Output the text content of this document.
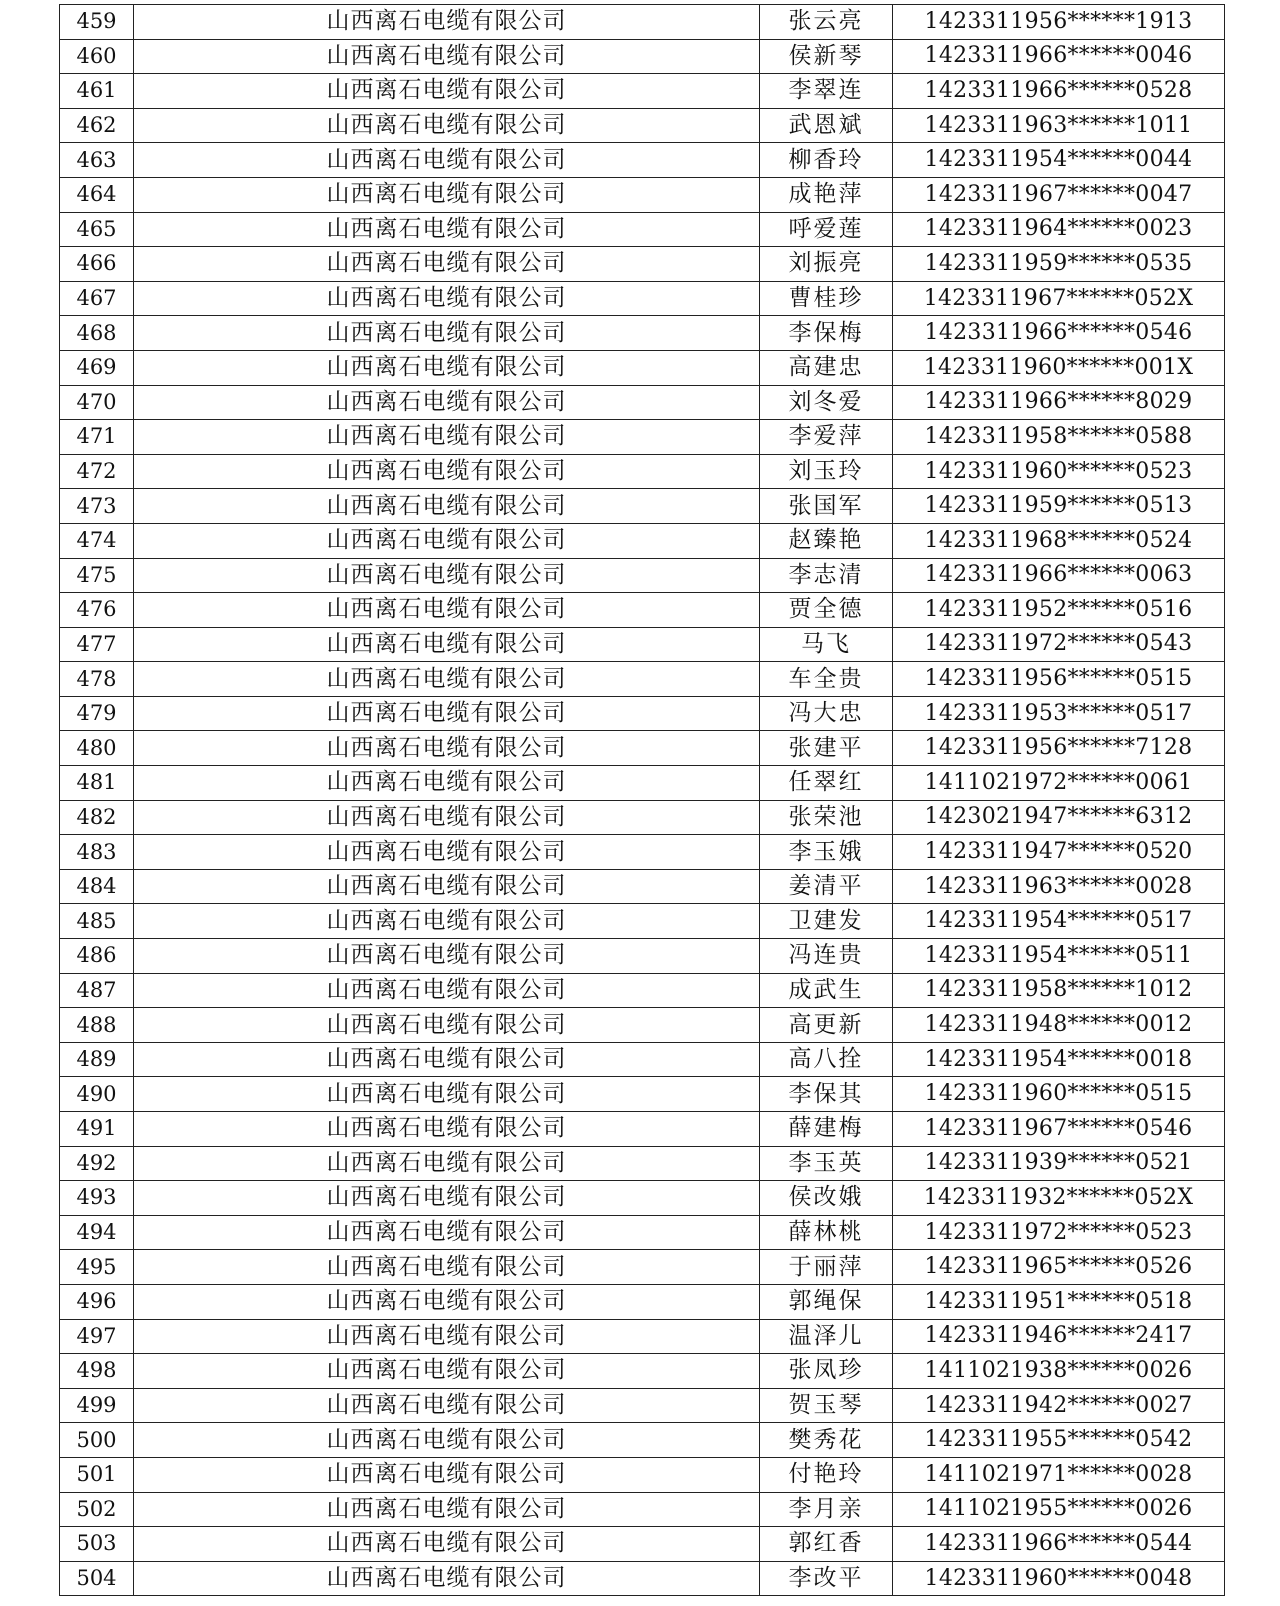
459	山西离石电缆有限公司	张云亮	1423311956******1913
460	山西离石电缆有限公司	侯新琴	1423311966******0046
461	山西离石电缆有限公司	李翠连	1423311966******0528
462	山西离石电缆有限公司	武恩斌	1423311963******1011
463	山西离石电缆有限公司	柳香玲	1423311954******0044
464	山西离石电缆有限公司	成艳萍	1423311967******0047
465	山西离石电缆有限公司	呼爱莲	1423311964******0023
466	山西离石电缆有限公司	刘振亮	1423311959******0535
467	山西离石电缆有限公司	曹桂珍	1423311967******052X
468	山西离石电缆有限公司	李保梅	1423311966******0546
469	山西离石电缆有限公司	高建忠	1423311960******001X
470	山西离石电缆有限公司	刘冬爱	1423311966******8029
471	山西离石电缆有限公司	李爱萍	1423311958******0588
472	山西离石电缆有限公司	刘玉玲	1423311960******0523
473	山西离石电缆有限公司	张国军	1423311959******0513
474	山西离石电缆有限公司	赵臻艳	1423311968******0524
475	山西离石电缆有限公司	李志清	1423311966******0063
476	山西离石电缆有限公司	贾全德	1423311952******0516
477	山西离石电缆有限公司	马飞	1423311972******0543
478	山西离石电缆有限公司	车全贵	1423311956******0515
479	山西离石电缆有限公司	冯大忠	1423311953******0517
480	山西离石电缆有限公司	张建平	1423311956******7128
481	山西离石电缆有限公司	任翠红	1411021972******0061
482	山西离石电缆有限公司	张荣池	1423021947******6312
483	山西离石电缆有限公司	李玉娥	1423311947******0520
484	山西离石电缆有限公司	姜清平	1423311963******0028
485	山西离石电缆有限公司	卫建发	1423311954******0517
486	山西离石电缆有限公司	冯连贵	1423311954******0511
487	山西离石电缆有限公司	成武生	1423311958******1012
488	山西离石电缆有限公司	高更新	1423311948******0012
489	山西离石电缆有限公司	高八拴	1423311954******0018
490	山西离石电缆有限公司	李保其	1423311960******0515
491	山西离石电缆有限公司	薛建梅	1423311967******0546
492	山西离石电缆有限公司	李玉英	1423311939******0521
493	山西离石电缆有限公司	侯改娥	1423311932******052X
494	山西离石电缆有限公司	薛林桃	1423311972******0523
495	山西离石电缆有限公司	于丽萍	1423311965******0526
496	山西离石电缆有限公司	郭绳保	1423311951******0518
497	山西离石电缆有限公司	温泽儿	1423311946******2417
498	山西离石电缆有限公司	张凤珍	1411021938******0026
499	山西离石电缆有限公司	贺玉琴	1423311942******0027
500	山西离石电缆有限公司	樊秀花	1423311955******0542
501	山西离石电缆有限公司	付艳玲	1411021971******0028
502	山西离石电缆有限公司	李月亲	1411021955******0026
503	山西离石电缆有限公司	郭红香	1423311966******0544
504	山西离石电缆有限公司	李改平	1423311960******0048
